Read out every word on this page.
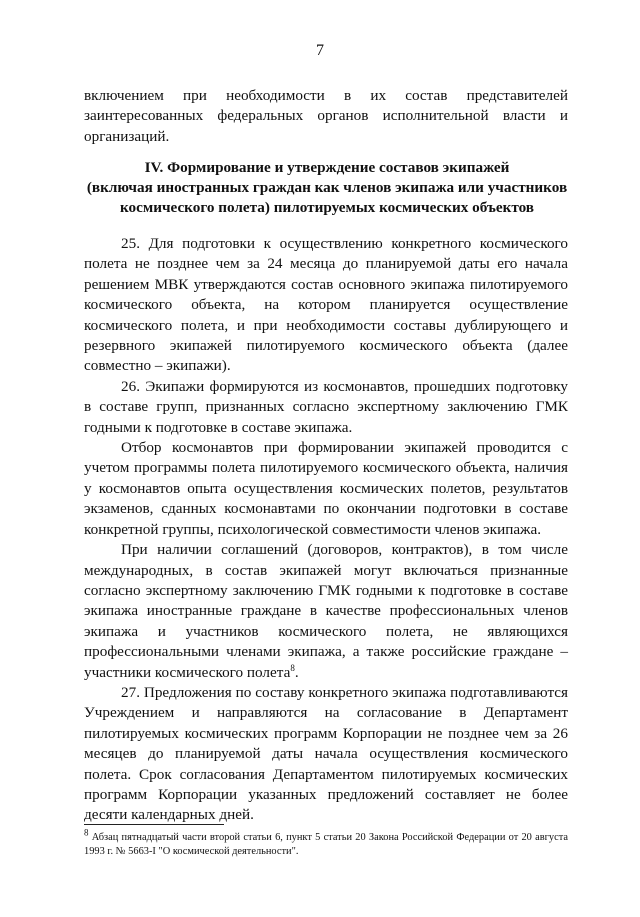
7

включением при необходимости в их состав представителей заинтересованных федеральных органов исполнительной власти и организаций.

IV. Формирование и утверждение составов экипажей
(включая иностранных граждан как членов экипажа или участников
космического полета) пилотируемых космических объектов

25. Для подготовки к осуществлению конкретного космического полета не позднее чем за 24 месяца до планируемой даты его начала решением МВК утверждаются состав основного экипажа пилотируемого космического объекта, на котором планируется осуществление космического полета, и при необходимости составы дублирующего и резервного экипажей пилотируемого космического объекта (далее совместно – экипажи).

26. Экипажи формируются из космонавтов, прошедших подготовку в составе групп, признанных согласно экспертному заключению ГМК годными к подготовке в составе экипажа.

Отбор космонавтов при формировании экипажей проводится с учетом программы полета пилотируемого космического объекта, наличия у космонавтов опыта осуществления космических полетов, результатов экзаменов, сданных космонавтами по окончании подготовки в составе конкретной группы, психологической совместимости членов экипажа.

При наличии соглашений (договоров, контрактов), в том числе международных, в состав экипажей могут включаться признанные согласно экспертному заключению ГМК годными к подготовке в составе экипажа иностранные граждане в качестве профессиональных членов экипажа и участников космического полета, не являющихся профессиональными членами экипажа, а также российские граждане – участники космического полета$^8$.

27. Предложения по составу конкретного экипажа подготавливаются Учреждением и направляются на согласование в Департамент пилотируемых космических программ Корпорации не позднее чем за 26 месяцев до планируемой даты начала осуществления космического полета. Срок согласования Департаментом пилотируемых космических программ Корпорации указанных предложений составляет не более десяти календарных дней.

$^8$ Абзац пятнадцатый части второй статьи 6, пункт 5 статьи 20 Закона Российской Федерации от 20 августа 1993 г. № 5663-I "О космической деятельности".
